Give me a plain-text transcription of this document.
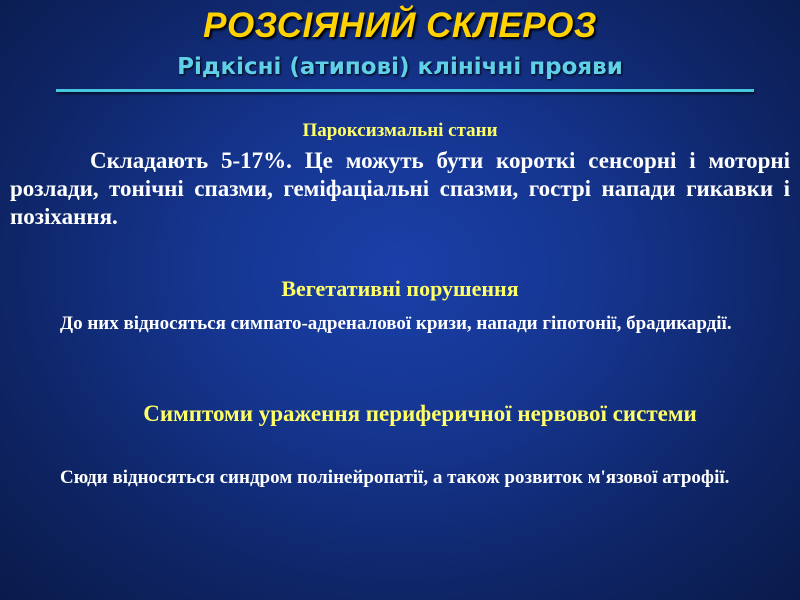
РОЗСІЯНИЙ СКЛЕРОЗ
Рідкісні (атипові) клінічні прояви
Пароксизмальні стани
Складають 5-17%. Це можуть бути короткі сенсорні і моторні розлади, тонічні спазми, геміфаціальні спазми, гострі напади гикавки і позіхання.
Вегетативні порушення
До них відносяться симпато-адреналової кризи, напади гіпотонії, брадикардії.
Симптоми ураження периферичної нервової системи
Сюди відносяться синдром полінейропатії, а також розвиток м'язової атрофії.
